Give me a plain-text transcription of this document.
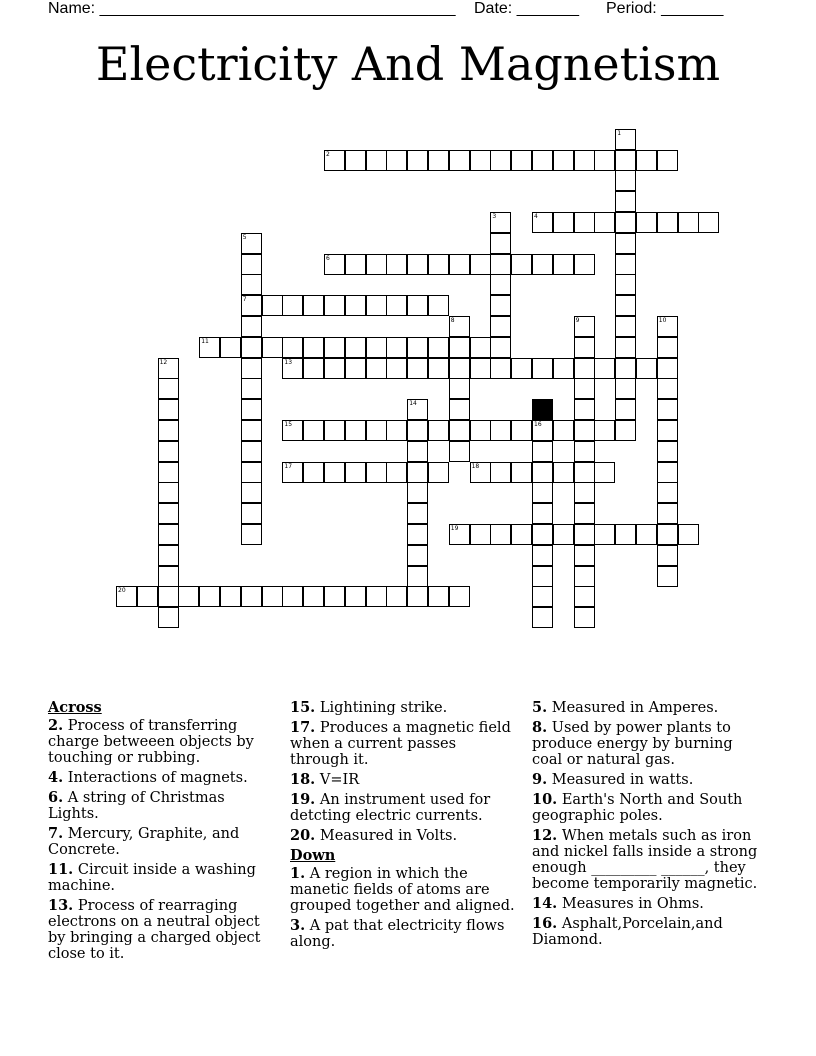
Name: ________________________________________ Date: _______ Period: _______
Electricity And Magnetism
1
2
3	4
5
6
7
8	9	10
11
12	13
14
15	16
17	18
19
20
Across
2. Process of transferring charge betweeen objects by touching or rubbing.
4. Interactions of magnets.
6. A string of Christmas Lights.
7. Mercury, Graphite, and Concrete.
11. Circuit inside a washing machine.
13. Process of rearraging electrons on a neutral object by bringing a charged object close to it.
15. Lightining strike.
17. Produces a magnetic field when a current passes through it.
18. V=IR
19. An instrument used for detcting electric currents.
20. Measured in Volts.
Down
1. A region in which the manetic fields of atoms are grouped together and aligned.
3. A pat that electricity flows along.
5. Measured in Amperes.
8. Used by power plants to produce energy by burning coal or natural gas.
9. Measured in watts.
10. Earth's North and South geographic poles.
12. When metals such as iron and nickel falls inside a strong enough _________ ______, they become temporarily magnetic.
14. Measures in Ohms.
16. Asphalt,Porcelain,and Diamond.
